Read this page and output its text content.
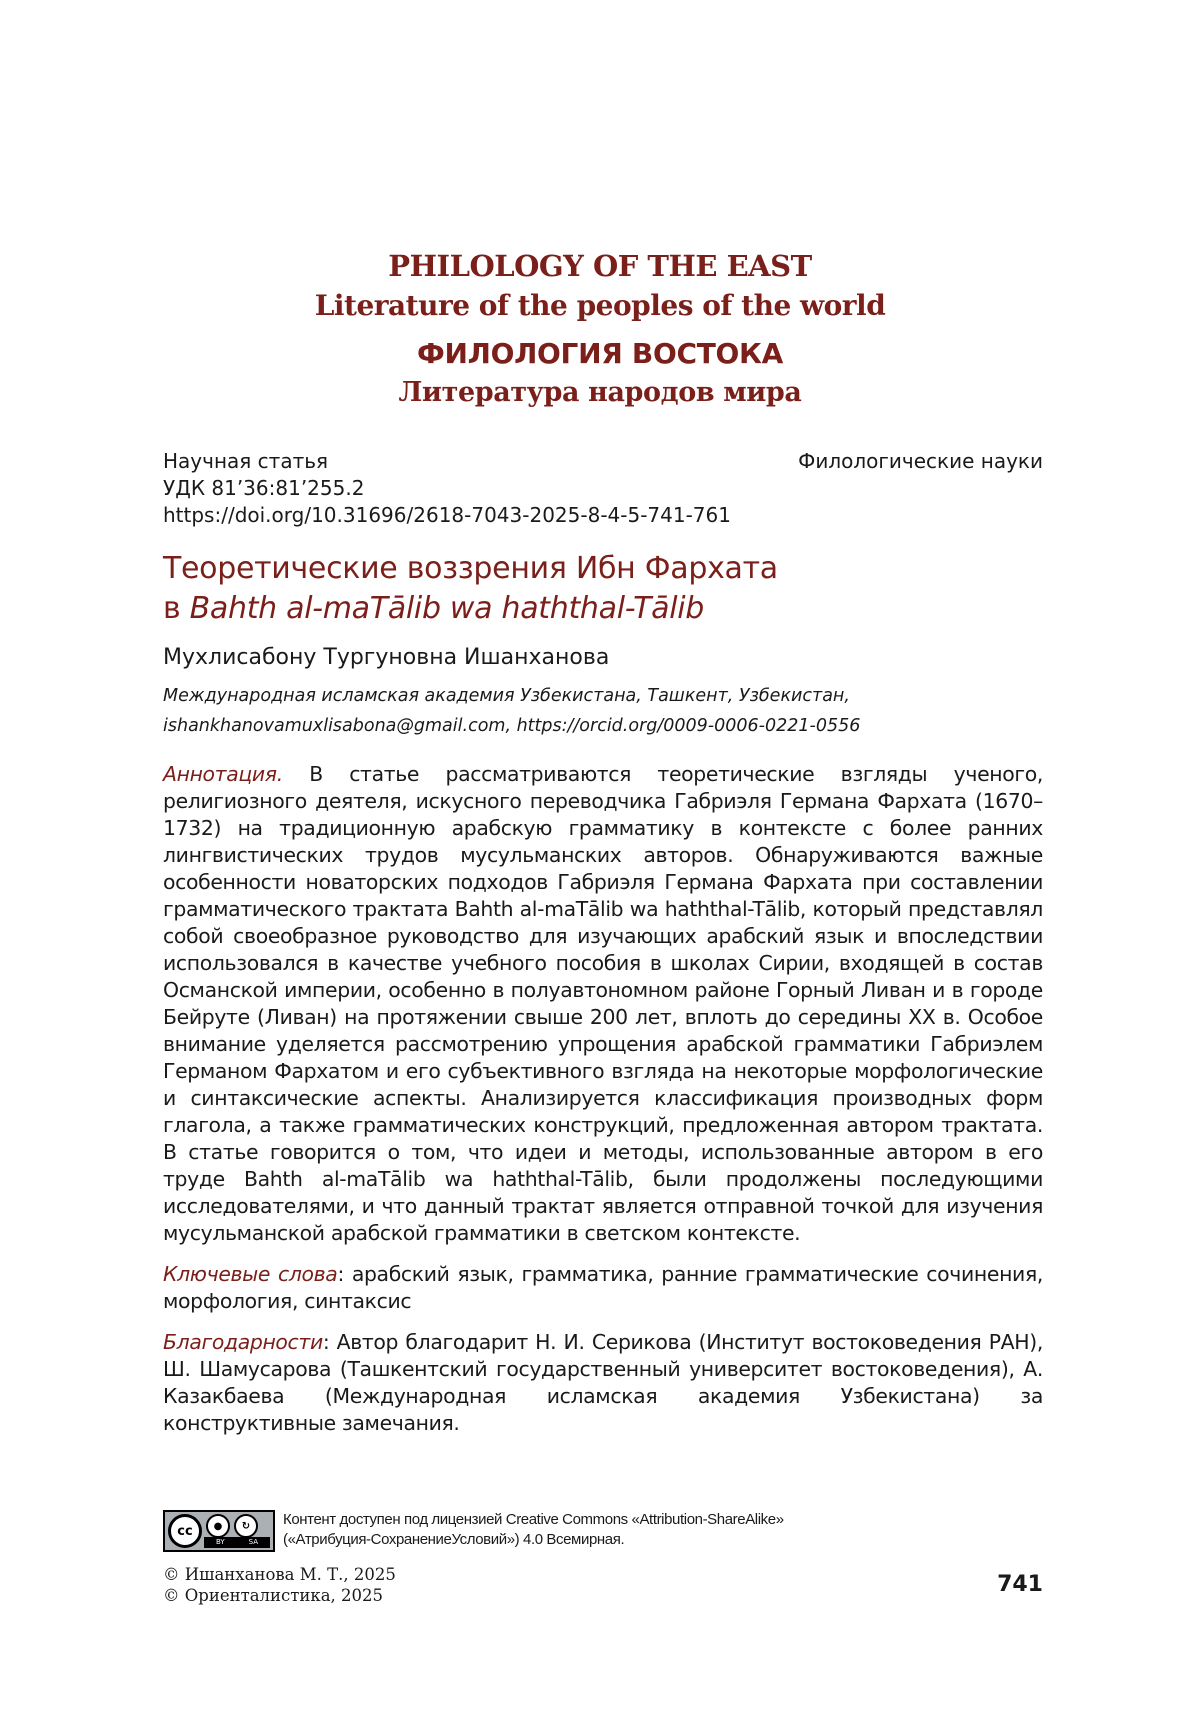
PHILOLOGY OF THE EAST
Literature of the peoples of the world
ФИЛОЛОГИЯ ВОСТОКА
Литература народов мира
Научная статья	Филологические науки
УДК 81’36:81’255.2
https://doi.org/10.31696/2618-7043-2025-8-4-5-741-761
Теоретические воззрения Ибн Фархата
в Bahth al-maTālib wa haththal-Tālib
Мухлисабону Тургуновна Ишанханова
Международная исламская академия Узбекистана, Ташкент, Узбекистан,
ishankhanovamuxlisabona@gmail.com, https://orcid.org/0009-0006-0221-0556
Аннотация. В статье рассматриваются теоретические взгляды ученого, религиозного деятеля, искусного переводчика Габриэля Германа Фархата (1670–1732) на традиционную арабскую грамматику в контексте с более ранних лингвистических трудов мусульманских авторов. Обнаруживаются важные особенности новаторских подходов Габриэля Германа Фархата при составлении грамматического трактата Bahth al-maTālib wa haththal-Tālib, который представлял собой своеобразное руководство для изучающих арабский язык и впоследствии использовался в качестве учебного пособия в школах Сирии, входящей в состав Османской империи, особенно в полуавтономном районе Горный Ливан и в городе Бейруте (Ливан) на протяжении свыше 200 лет, вплоть до середины XX в. Особое внимание уделяется рассмотрению упрощения арабской грамматики Габриэлем Германом Фархатом и его субъективного взгляда на некоторые морфологические и синтаксические аспекты. Анализируется классификация производных форм глагола, а также грамматических конструкций, предложенная автором трактата. В статье говорится о том, что идеи и методы, использованные автором в его труде Bahth al-maTālib wa haththal-Tālib, были продолжены последующими исследователями, и что данный трактат является отправной точкой для изучения мусульманской арабской грамматики в светском контексте.
Ключевые слова: арабский язык, грамматика, ранние грамматические сочинения, морфология, синтаксис
Благодарности: Автор благодарит Н. И. Серикова (Институт востоковедения РАН), Ш. Шамусарова (Ташкентский государственный университет востоковедения), А. Казакбаева (Международная исламская академия Узбекистана) за конструктивные замечания.
cc	●	↻
BY	SA
Контент доступен под лицензией Creative Commons «Attribution-ShareAlike»
(«Атрибуция-СохранениеУсловий») 4.0 Всемирная.
© Ишанханова М. Т., 2025
© Ориенталистика, 2025	741
